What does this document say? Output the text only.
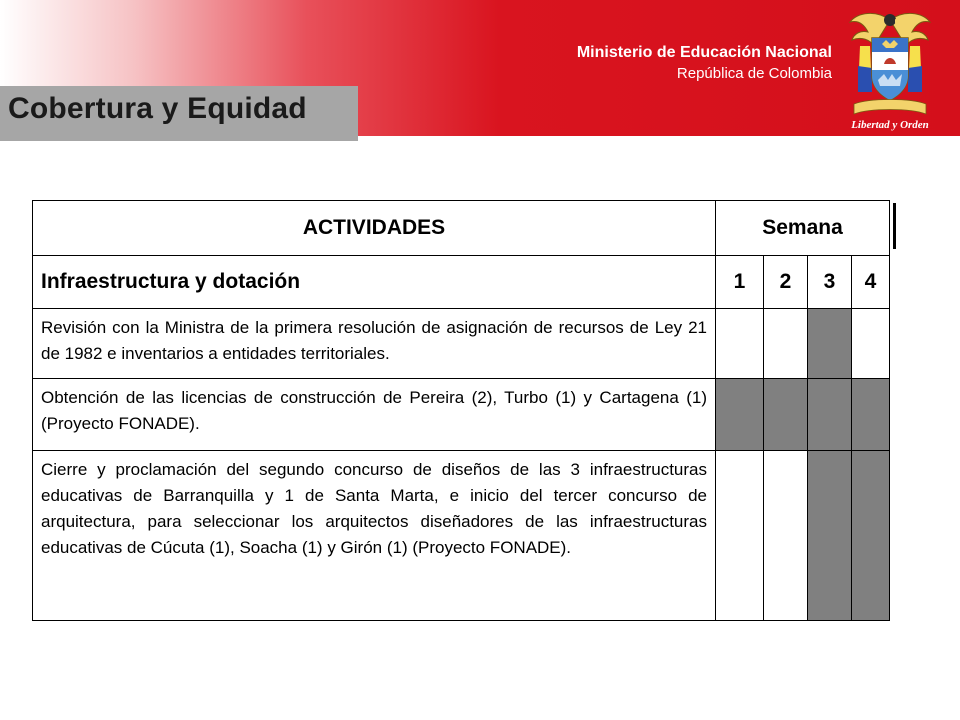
Ministerio de Educación Nacional
República de Colombia
Libertad y Orden
Cobertura y Equidad
ACTIVIDADES	Semana			
Infraestructura y dotación	1	2	3	4
Revisión con la Ministra de la primera resolución de asignación de recursos de Ley 21 de 1982 e inventarios a entidades territoriales.				
Obtención de las licencias de construcción de Pereira (2), Turbo (1) y Cartagena (1) (Proyecto FONADE).				
Cierre y proclamación del segundo concurso de diseños de las 3 infraestructuras educativas de Barranquilla y 1 de Santa Marta, e inicio del tercer concurso de arquitectura, para seleccionar los arquitectos diseñadores de las infraestructuras educativas de Cúcuta (1), Soacha (1) y Girón (1) (Proyecto FONADE).				
